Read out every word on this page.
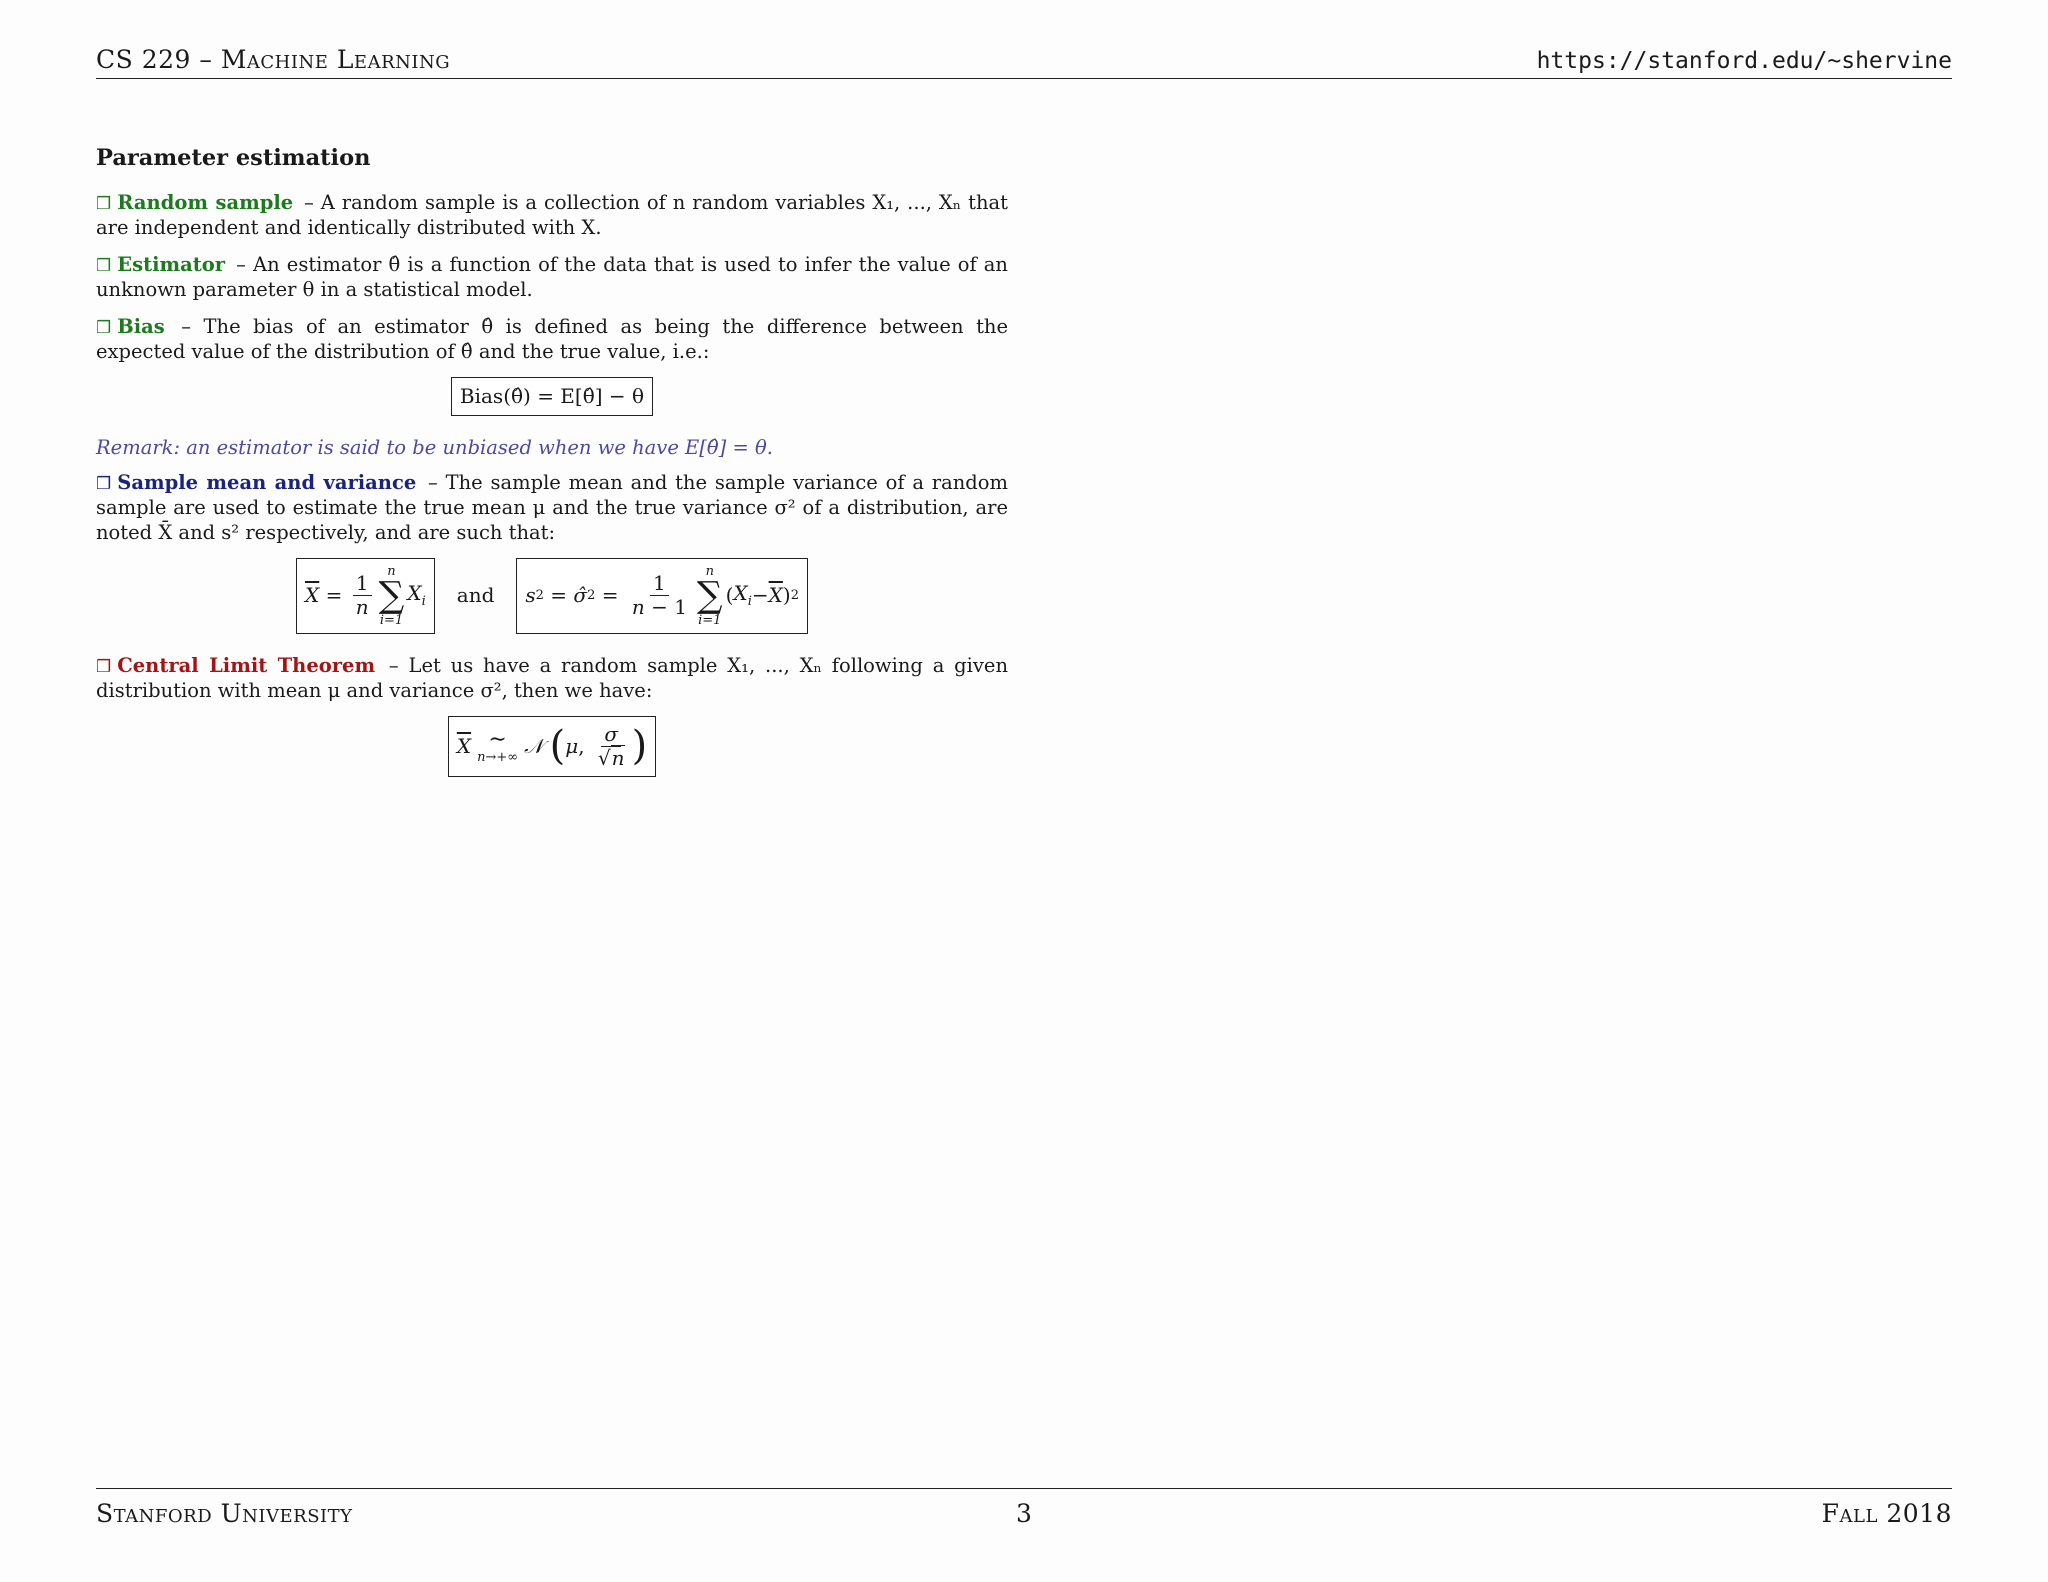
CS 229 – Machine Learning	https://stanford.edu/~shervine
Parameter estimation
❒ Random sample – A random sample is a collection of n random variables X₁, ..., Xₙ that are independent and identically distributed with X.
❒ Estimator – An estimator θ̂ is a function of the data that is used to infer the value of an unknown parameter θ in a statistical model.
❒ Bias – The bias of an estimator θ̂ is defined as being the difference between the expected value of the distribution of θ̂ and the true value, i.e.:
Bias(θ̂) = E[θ̂] − θ
Remark: an estimator is said to be unbiased when we have E[θ̂] = θ.
❒ Sample mean and variance – The sample mean and the sample variance of a random sample are used to estimate the true mean μ and the true variance σ² of a distribution, are noted X̄ and s² respectively, and are such that:
$\overline{X} = \frac{1}{n}$
n
∑
i=1
$X_i$ and s 2 = σ̂ $2 = \frac{1}{n - 1}$
n
∑
i=1
( $X_i - \overline{X}$ ) 2
❒ Central Limit Theorem – Let us have a random sample X₁, ..., Xₙ following a given distribution with mean μ and variance σ², then we have:
$\overline{X}$ ∼
n→+∞ 𝒩
( μ , $\frac{\sigma}{√n}$ )
Stanford University	3	Fall 2018
